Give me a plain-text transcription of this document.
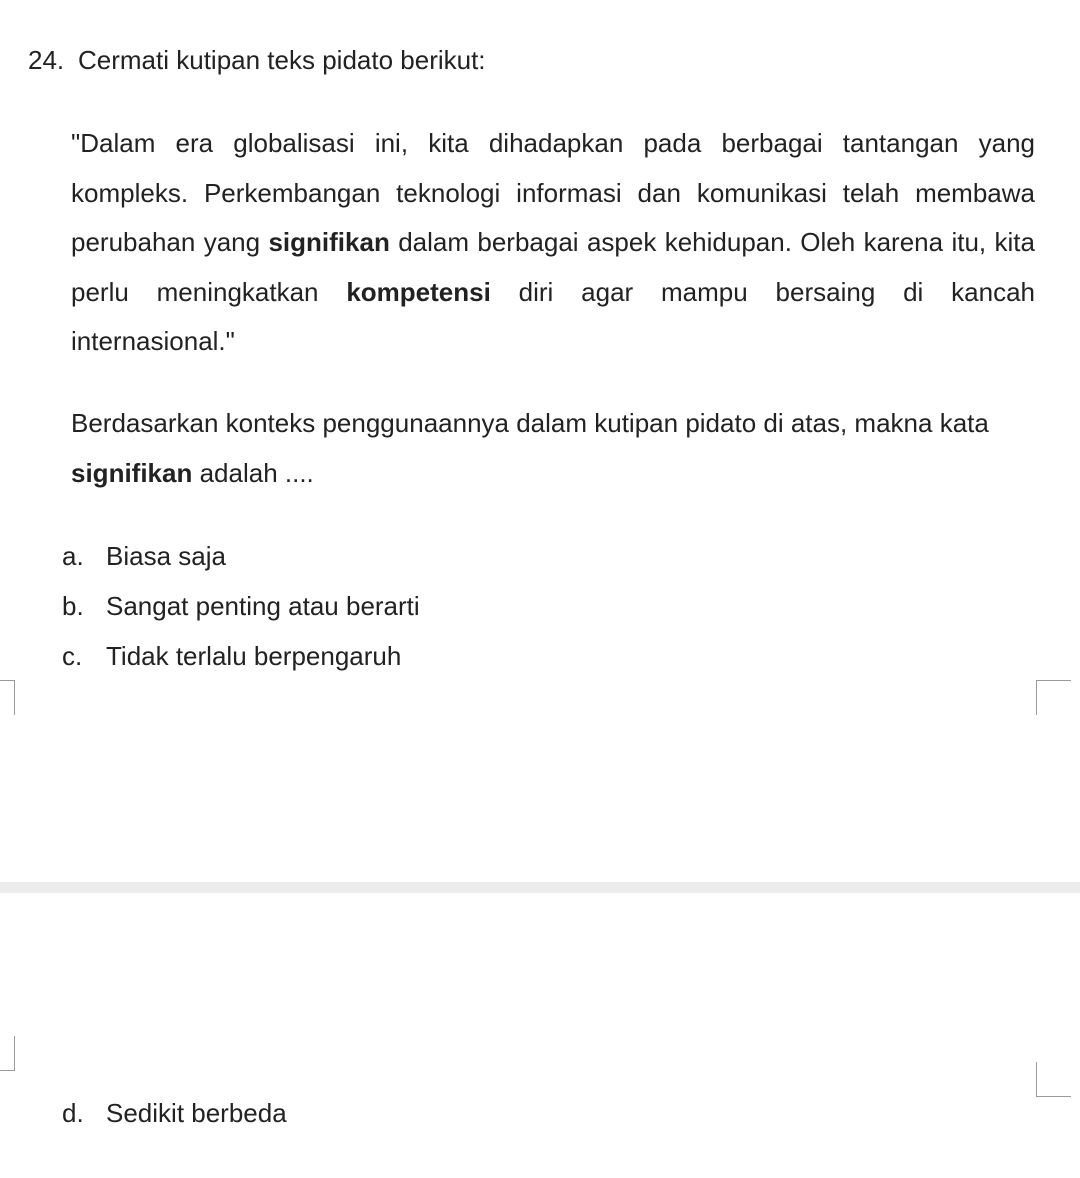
24. Cermati kutipan teks pidato berikut:
"Dalam era globalisasi ini, kita dihadapkan pada berbagai tantangan yang kompleks. Perkembangan teknologi informasi dan komunikasi telah membawa perubahan yang signifikan dalam berbagai aspek kehidupan. Oleh karena itu, kita perlu meningkatkan kompetensi diri agar mampu bersaing di kancah internasional."
Berdasarkan konteks penggunaannya dalam kutipan pidato di atas, makna kata signifikan adalah ....
a. Biasa saja
b. Sangat penting atau berarti
c. Tidak terlalu berpengaruh
d. Sedikit berbeda
